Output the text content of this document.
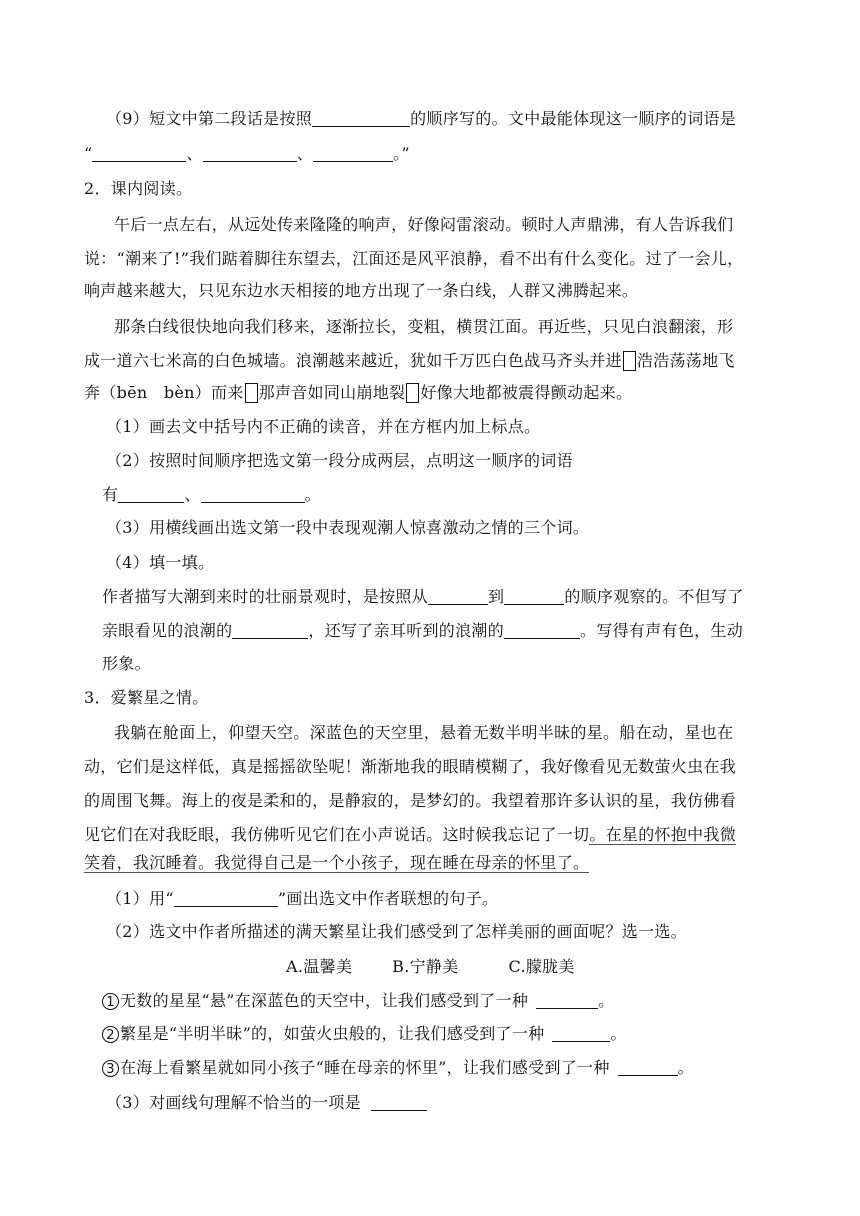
（9）短文中第二段话是按照	的顺序写的。文中最能体现这一顺序的词语是
“	、	、	。”
2．课内阅读。
午后一点左右，从远处传来隆隆的响声，好像闷雷滚动。顿时人声鼎沸，有人告诉我们
说：“潮来了!”我们踮着脚往东望去，江面还是风平浪静，看不出有什么变化。过了一会儿，
响声越来越大，只见东边水天相接的地方出现了一条白线，人群又沸腾起来。
那条白线很快地向我们移来，逐渐拉长，变粗，横贯江面。再近些，只见白浪翻滚，形
成一道六七米高的白色城墙。浪潮越来越近，犹如千万匹白色战马齐头并进 浩浩荡荡地飞
奔（bēn　bèn）而来 那声音如同山崩地裂 好像大地都被震得颤动起来。
（1）画去文中括号内不正确的读音，并在方框内加上标点。
（2）按照时间顺序把选文第一段分成两层，点明这一顺序的词语
有	、	。
（3）用横线画出选文第一段中表现观潮人惊喜激动之情的三个词。
（4）填一填。
作者描写大潮到来时的壮丽景观时，是按照从	到	的顺序观察的。不但写了
亲眼看见的浪潮的	，还写了亲耳听到的浪潮的	。写得有声有色，生动
形象。
3．爱繁星之情。
我躺在舱面上，仰望天空。深蓝色的天空里，悬着无数半明半昧的星。船在动，星也在
动，它们是这样低，真是摇摇欲坠呢！渐渐地我的眼睛模糊了，我好像看见无数萤火虫在我
的周围飞舞。海上的夜是柔和的，是静寂的，是梦幻的。我望着那许多认识的星，我仿佛看
见它们在对我眨眼，我仿佛听见它们在小声说话。这时候我忘记了一切。在星的怀抱中我微
笑着，我沉睡着。我觉得自己是一个小孩子，现在睡在母亲的怀里了。
（1）用“	”画出选文中作者联想的句子。
（2）选文中作者所描述的满天繁星让我们感受到了怎样美丽的画面呢？选一选。
A.温馨美	B.宁静美	C.朦胧美
1 无数的星星“悬”在深蓝色的天空中，让我们感受到了一种	。
2 繁星是“半明半昧”的，如萤火虫般的，让我们感受到了一种	。
3 在海上看繁星就如同小孩子“睡在母亲的怀里”，让我们感受到了一种	。
（3）对画线句理解不恰当的一项是
